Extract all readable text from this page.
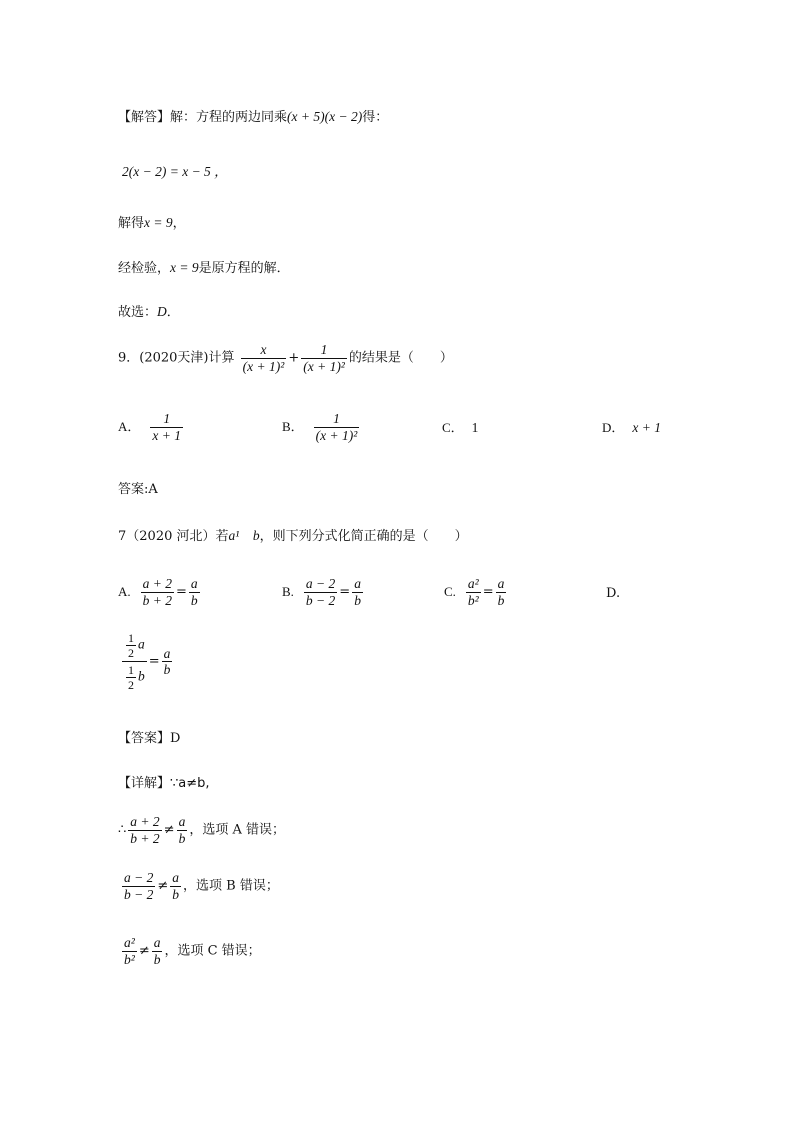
【解答】解：方程的两边同乘(x + 5)(x − 2)得：
2(x − 2) = x − 5 ，
解得x = 9，
经检验，x = 9是原方程的解．
故选：D．
9．(2020天津)计算 $\frac{x}{\text{(x + 1)²}} + \frac{1}{\text{(x + 1)²}}$ 的结果是（　　）
A． $\frac{1}{x + 1}$	B． $\frac{1}{\text{(x + 1)²}}$	C． 1	D． x + 1
答案:A
7（2020 河北）若a¹　b，则下列分式化简正确的是（　　）
A. $\frac{a + 2}{b + 2} = \frac{a}{b}$	B. $\frac{a - 2}{b - 2} = \frac{a}{b}$	C. $\frac{\text{a²}}{\text{b²}} = \frac{a}{b}$	D.
$\frac{\frac{1}{2} a}{\frac{1}{2} b} = \frac{a}{b}$
【答案】D
【详解】∵a≠b,
∴ $\frac{a + 2}{b + 2} \ne \frac{a}{b}$ ，选项 A 错误；
$\frac{a - 2}{b - 2} \ne \frac{a}{b}$ ，选项 B 错误；
$\frac{\text{a²}}{\text{b²}} \ne \frac{a}{b}$ ，选项 C 错误；
